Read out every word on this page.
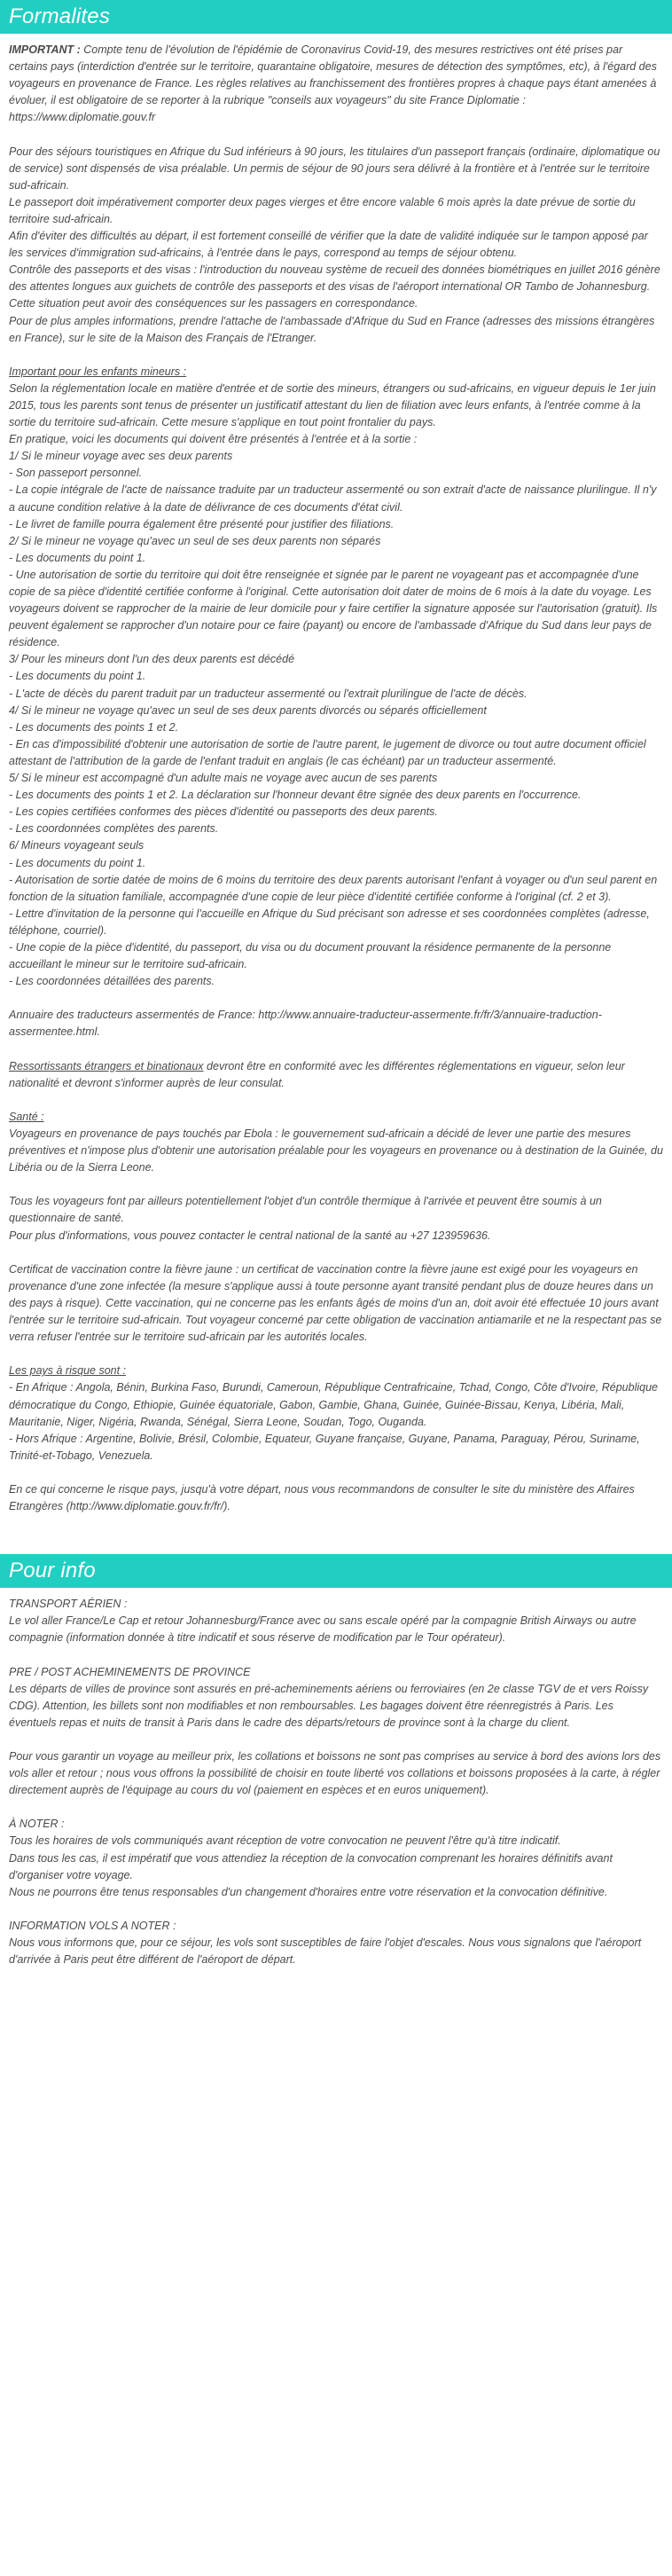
Formalites
IMPORTANT : Compte tenu de l'évolution de l'épidémie de Coronavirus Covid-19, des mesures restrictives ont été prises par certains pays (interdiction d'entrée sur le territoire, quarantaine obligatoire, mesures de détection des symptômes, etc), à l'égard des voyageurs en provenance de France. Les règles relatives au franchissement des frontières propres à chaque pays étant amenées à évoluer, il est obligatoire de se reporter à la rubrique "conseils aux voyageurs" du site France Diplomatie : https://www.diplomatie.gouv.fr
Pour des séjours touristiques en Afrique du Sud inférieurs à 90 jours, les titulaires d'un passeport français (ordinaire, diplomatique ou de service) sont dispensés de visa préalable. Un permis de séjour de 90 jours sera délivré à la frontière et à l'entrée sur le territoire sud-africain.
Le passeport doit impérativement comporter deux pages vierges et être encore valable 6 mois après la date prévue de sortie du territoire sud-africain.
Afin d'éviter des difficultés au départ, il est fortement conseillé de vérifier que la date de validité indiquée sur le tampon apposé par les services d'immigration sud-africains, à l'entrée dans le pays, correspond au temps de séjour obtenu.
Contrôle des passeports et des visas : l'introduction du nouveau système de recueil des données biométriques en juillet 2016 génère des attentes longues aux guichets de contrôle des passeports et des visas de l'aéroport international OR Tambo de Johannesburg. Cette situation peut avoir des conséquences sur les passagers en correspondance.
Pour de plus amples informations, prendre l'attache de l'ambassade d'Afrique du Sud en France (adresses des missions étrangères en France), sur le site de la Maison des Français de l'Etranger.
Important pour les enfants mineurs :
Selon la réglementation locale en matière d'entrée et de sortie des mineurs, étrangers ou sud-africains, en vigueur depuis le 1er juin 2015, tous les parents sont tenus de présenter un justificatif attestant du lien de filiation avec leurs enfants, à l'entrée comme à la sortie du territoire sud-africain. Cette mesure s'applique en tout point frontalier du pays.
En pratique, voici les documents qui doivent être présentés à l'entrée et à la sortie :
1/ Si le mineur voyage avec ses deux parents
- Son passeport personnel.
- La copie intégrale de l'acte de naissance traduite par un traducteur assermenté ou son extrait d'acte de naissance plurilingue. Il n'y a aucune condition relative à la date de délivrance de ces documents d'état civil.
- Le livret de famille pourra également être présenté pour justifier des filiations.
2/ Si le mineur ne voyage qu'avec un seul de ses deux parents non séparés
- Les documents du point 1.
- Une autorisation de sortie du territoire qui doit être renseignée et signée par le parent ne voyageant pas et accompagnée d'une copie de sa pièce d'identité certifiée conforme à l'original. Cette autorisation doit dater de moins de 6 mois à la date du voyage. Les voyageurs doivent se rapprocher de la mairie de leur domicile pour y faire certifier la signature apposée sur l'autorisation (gratuit). Ils peuvent également se rapprocher d'un notaire pour ce faire (payant) ou encore de l'ambassade d'Afrique du Sud dans leur pays de résidence.
3/ Pour les mineurs dont l'un des deux parents est décédé
- Les documents du point 1.
- L'acte de décès du parent traduit par un traducteur assermenté ou l'extrait plurilingue de l'acte de décès.
4/ Si le mineur ne voyage qu'avec un seul de ses deux parents divorcés ou séparés officiellement
- Les documents des points 1 et 2.
- En cas d'impossibilité d'obtenir une autorisation de sortie de l'autre parent, le jugement de divorce ou tout autre document officiel attestant de l'attribution de la garde de l'enfant traduit en anglais (le cas échéant) par un traducteur assermenté.
5/ Si le mineur est accompagné d'un adulte mais ne voyage avec aucun de ses parents
- Les documents des points 1 et 2. La déclaration sur l'honneur devant être signée des deux parents en l'occurrence.
- Les copies certifiées conformes des pièces d'identité ou passeports des deux parents.
- Les coordonnées complètes des parents.
6/ Mineurs voyageant seuls
- Les documents du point 1.
- Autorisation de sortie datée de moins de 6 moins du territoire des deux parents autorisant l'enfant à voyager ou d'un seul parent en fonction de la situation familiale, accompagnée d'une copie de leur pièce d'identité certifiée conforme à l'original (cf. 2 et 3).
- Lettre d'invitation de la personne qui l'accueille en Afrique du Sud précisant son adresse et ses coordonnées complètes (adresse, téléphone, courriel).
- Une copie de la pièce d'identité, du passeport, du visa ou du document prouvant la résidence permanente de la personne accueillant le mineur sur le territoire sud-africain.
- Les coordonnées détaillées des parents.
Annuaire des traducteurs assermentés de France: http://www.annuaire-traducteur-assermente.fr/fr/3/annuaire-traduction-assermentee.html.
Ressortissants étrangers et binationaux devront être en conformité avec les différentes réglementations en vigueur, selon leur nationalité et devront s'informer auprès de leur consulat.
Santé :
Voyageurs en provenance de pays touchés par Ebola : le gouvernement sud-africain a décidé de lever une partie des mesures préventives et n'impose plus d'obtenir une autorisation préalable pour les voyageurs en provenance ou à destination de la Guinée, du Libéria ou de la Sierra Leone.
Tous les voyageurs font par ailleurs potentiellement l'objet d'un contrôle thermique à l'arrivée et peuvent être soumis à un questionnaire de santé.
Pour plus d'informations, vous pouvez contacter le central national de la santé au +27 123959636.
Certificat de vaccination contre la fièvre jaune : un certificat de vaccination contre la fièvre jaune est exigé pour les voyageurs en provenance d'une zone infectée (la mesure s'applique aussi à toute personne ayant transité pendant plus de douze heures dans un des pays à risque). Cette vaccination, qui ne concerne pas les enfants âgés de moins d'un an, doit avoir été effectuée 10 jours avant l'entrée sur le territoire sud-africain. Tout voyageur concerné par cette obligation de vaccination antiamarile et ne la respectant pas se verra refuser l'entrée sur le territoire sud-africain par les autorités locales.
Les pays à risque sont :
- En Afrique : Angola, Bénin, Burkina Faso, Burundi, Cameroun, République Centrafricaine, Tchad, Congo, Côte d'Ivoire, République démocratique du Congo, Ethiopie, Guinée équatoriale, Gabon, Gambie, Ghana, Guinée, Guinée-Bissau, Kenya, Libéria, Mali, Mauritanie, Niger, Nigéria, Rwanda, Sénégal, Sierra Leone, Soudan, Togo, Ouganda.
- Hors Afrique : Argentine, Bolivie, Brésil, Colombie, Equateur, Guyane française, Guyane, Panama, Paraguay, Pérou, Suriname, Trinité-et-Tobago, Venezuela.
En ce qui concerne le risque pays, jusqu'à votre départ, nous vous recommandons de consulter le site du ministère des Affaires Etrangères (http://www.diplomatie.gouv.fr/fr/).
Pour info
TRANSPORT AÉRIEN :
Le vol aller France/Le Cap et retour Johannesburg/France avec ou sans escale opéré par la compagnie British Airways ou autre compagnie (information donnée à titre indicatif et sous réserve de modification par le Tour opérateur).
PRE / POST ACHEMINEMENTS DE PROVINCE
Les départs de villes de province sont assurés en pré-acheminements aériens ou ferroviaires (en 2e classe TGV de et vers Roissy CDG). Attention, les billets sont non modifiables et non remboursables. Les bagages doivent être réenregistrés à Paris. Les éventuels repas et nuits de transit à Paris dans le cadre des départs/retours de province sont à la charge du client.
Pour vous garantir un voyage au meilleur prix, les collations et boissons ne sont pas comprises au service à bord des avions lors des vols aller et retour ; nous vous offrons la possibilité de choisir en toute liberté vos collations et boissons proposées à la carte, à régler directement auprès de l'équipage au cours du vol (paiement en espèces et en euros uniquement).
À NOTER :
Tous les horaires de vols communiqués avant réception de votre convocation ne peuvent l'être qu'à titre indicatif.
Dans tous les cas, il est impératif que vous attendiez la réception de la convocation comprenant les horaires définitifs avant d'organiser votre voyage.
Nous ne pourrons être tenus responsables d'un changement d'horaires entre votre réservation et la convocation définitive.
INFORMATION VOLS A NOTER :
Nous vous informons que, pour ce séjour, les vols sont susceptibles de faire l'objet d'escales. Nous vous signalons que l'aéroport d'arrivée à Paris peut être différent de l'aéroport de départ.
